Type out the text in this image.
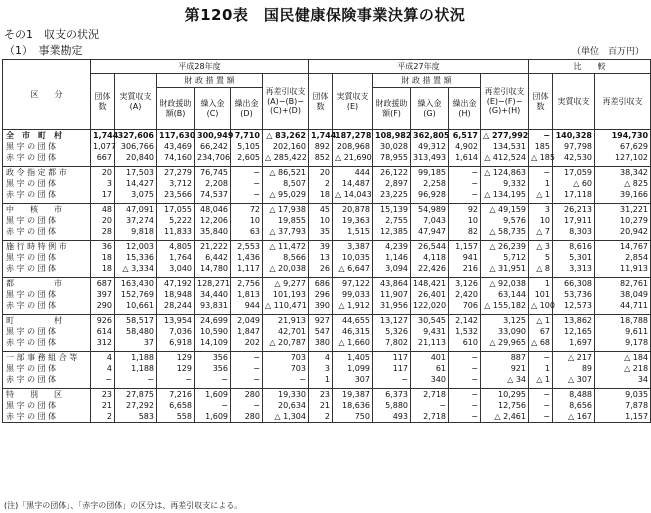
第120表　国民健康保険事業決算の状況
その1　収支の状況
（1）　事業勘定	（単位　百万円）
区　　分	平成28年度						平成27年度						比　　較		
	団体数	実質収支(A)	財 政 措 置 額			再差引収支(A)−(B)−(C)+(D)	団体数	実質収支(E)	財 政 措 置 額			再差引収支(E)−(F)−(G)+(H)	団体数	実質収支	再差引収支
			財政援助額(B)	繰入金(C)	繰出金(D)				財政援助額(F)	繰入金(G)	繰出金(H)				
全　市　町　村	1,744	327,606	117,630	300,949	7,710	△ 83,262	1,744	187,278	108,982	362,805	6,517	△ 277,992	−	140,328	194,730
黒 字 の 団 体	1,077	306,766	43,469	66,242	5,105	202,160	892	208,968	30,028	49,312	4,902	134,531	185	97,798	67,629
赤 字 の 団 体	667	20,840	74,160	234,706	2,605	△ 285,422	852	△ 21,690	78,955	313,493	1,614	△ 412,524	△ 185	42,530	127,102

政 令 指 定 都 市	20	17,503	27,279	76,745	−	△ 86,521	20	444	26,122	99,185	−	△ 124,863	−	17,059	38,342
黒 字 の 団 体	3	14,427	3,712	2,208	−	8,507	2	14,487	2,897	2,258	−	9,332	1	△ 60	△ 825
赤 字 の 団 体	17	3,075	23,566	74,537	−	△ 95,029	18	△ 14,043	23,225	96,928	−	△ 134,195	△ 1	17,118	39,166

中　　核　　市	48	47,091	17,055	48,046	72	△ 17,938	45	20,878	15,139	54,989	92	△ 49,159	3	26,213	31,221
黒 字 の 団 体	20	37,274	5,222	12,206	10	19,855	10	19,363	2,755	7,043	10	9,576	10	17,911	10,279
赤 字 の 団 体	28	9,818	11,833	35,840	63	△ 37,793	35	1,515	12,385	47,947	82	△ 58,735	△ 7	8,303	20,942

施 行 時 特 例 市	36	12,003	4,805	21,222	2,553	△ 11,472	39	3,387	4,239	26,544	1,157	△ 26,239	△ 3	8,616	14,767
黒 字 の 団 体	18	15,336	1,764	6,442	1,436	8,566	13	10,035	1,146	4,118	941	5,712	5	5,301	2,854
赤 字 の 団 体	18	△ 3,334	3,040	14,780	1,117	△ 20,038	26	△ 6,647	3,094	22,426	216	△ 31,951	△ 8	3,313	11,913

都　　　　　市	687	163,430	47,192	128,271	2,756	△ 9,277	686	97,122	43,864	148,421	3,126	△ 92,038	1	66,308	82,761
黒 字 の 団 体	397	152,769	18,948	34,440	1,813	101,193	296	99,033	11,907	26,401	2,420	63,144	101	53,736	38,049
赤 字 の 団 体	290	10,661	28,244	93,831	944	△ 110,471	390	△ 1,912	31,956	122,020	706	△ 155,182	△ 100	12,573	44,711

町　　　　　村	926	58,517	13,954	24,699	2,049	21,913	927	44,655	13,127	30,545	2,142	3,125	△ 1	13,862	18,788
黒 字 の 団 体	614	58,480	7,036	10,590	1,847	42,701	547	46,315	5,326	9,431	1,532	33,090	67	12,165	9,611
赤 字 の 団 体	312	37	6,918	14,109	202	△ 20,787	380	△ 1,660	7,802	21,113	610	△ 29,965	△ 68	1,697	9,178

一 部 事 務 組 合 等	4	1,188	129	356	−	703	4	1,405	117	401	−	887	−	△ 217	△ 184
黒 字 の 団 体	4	1,188	129	356	−	703	3	1,099	117	61	−	921	1	89	△ 218
赤 字 の 団 体	−	−	−	−	−	−	1	307	−	340	−	△ 34	△ 1	△ 307	34

特　　別　　区	23	27,875	7,216	1,609	280	19,330	23	19,387	6,373	2,718	−	10,295	−	8,488	9,035
黒 字 の 団 体	21	27,292	6,658	−	−	20,634	21	18,636	5,880	−	−	12,756	−	8,656	7,878
赤 字 の 団 体	2	583	558	1,609	280	△ 1,304	2	750	493	2,718	−	△ 2,461	−	△ 167	1,157
(注)「黒字の団体」、「赤字の団体」の区分は、再差引収支による。
